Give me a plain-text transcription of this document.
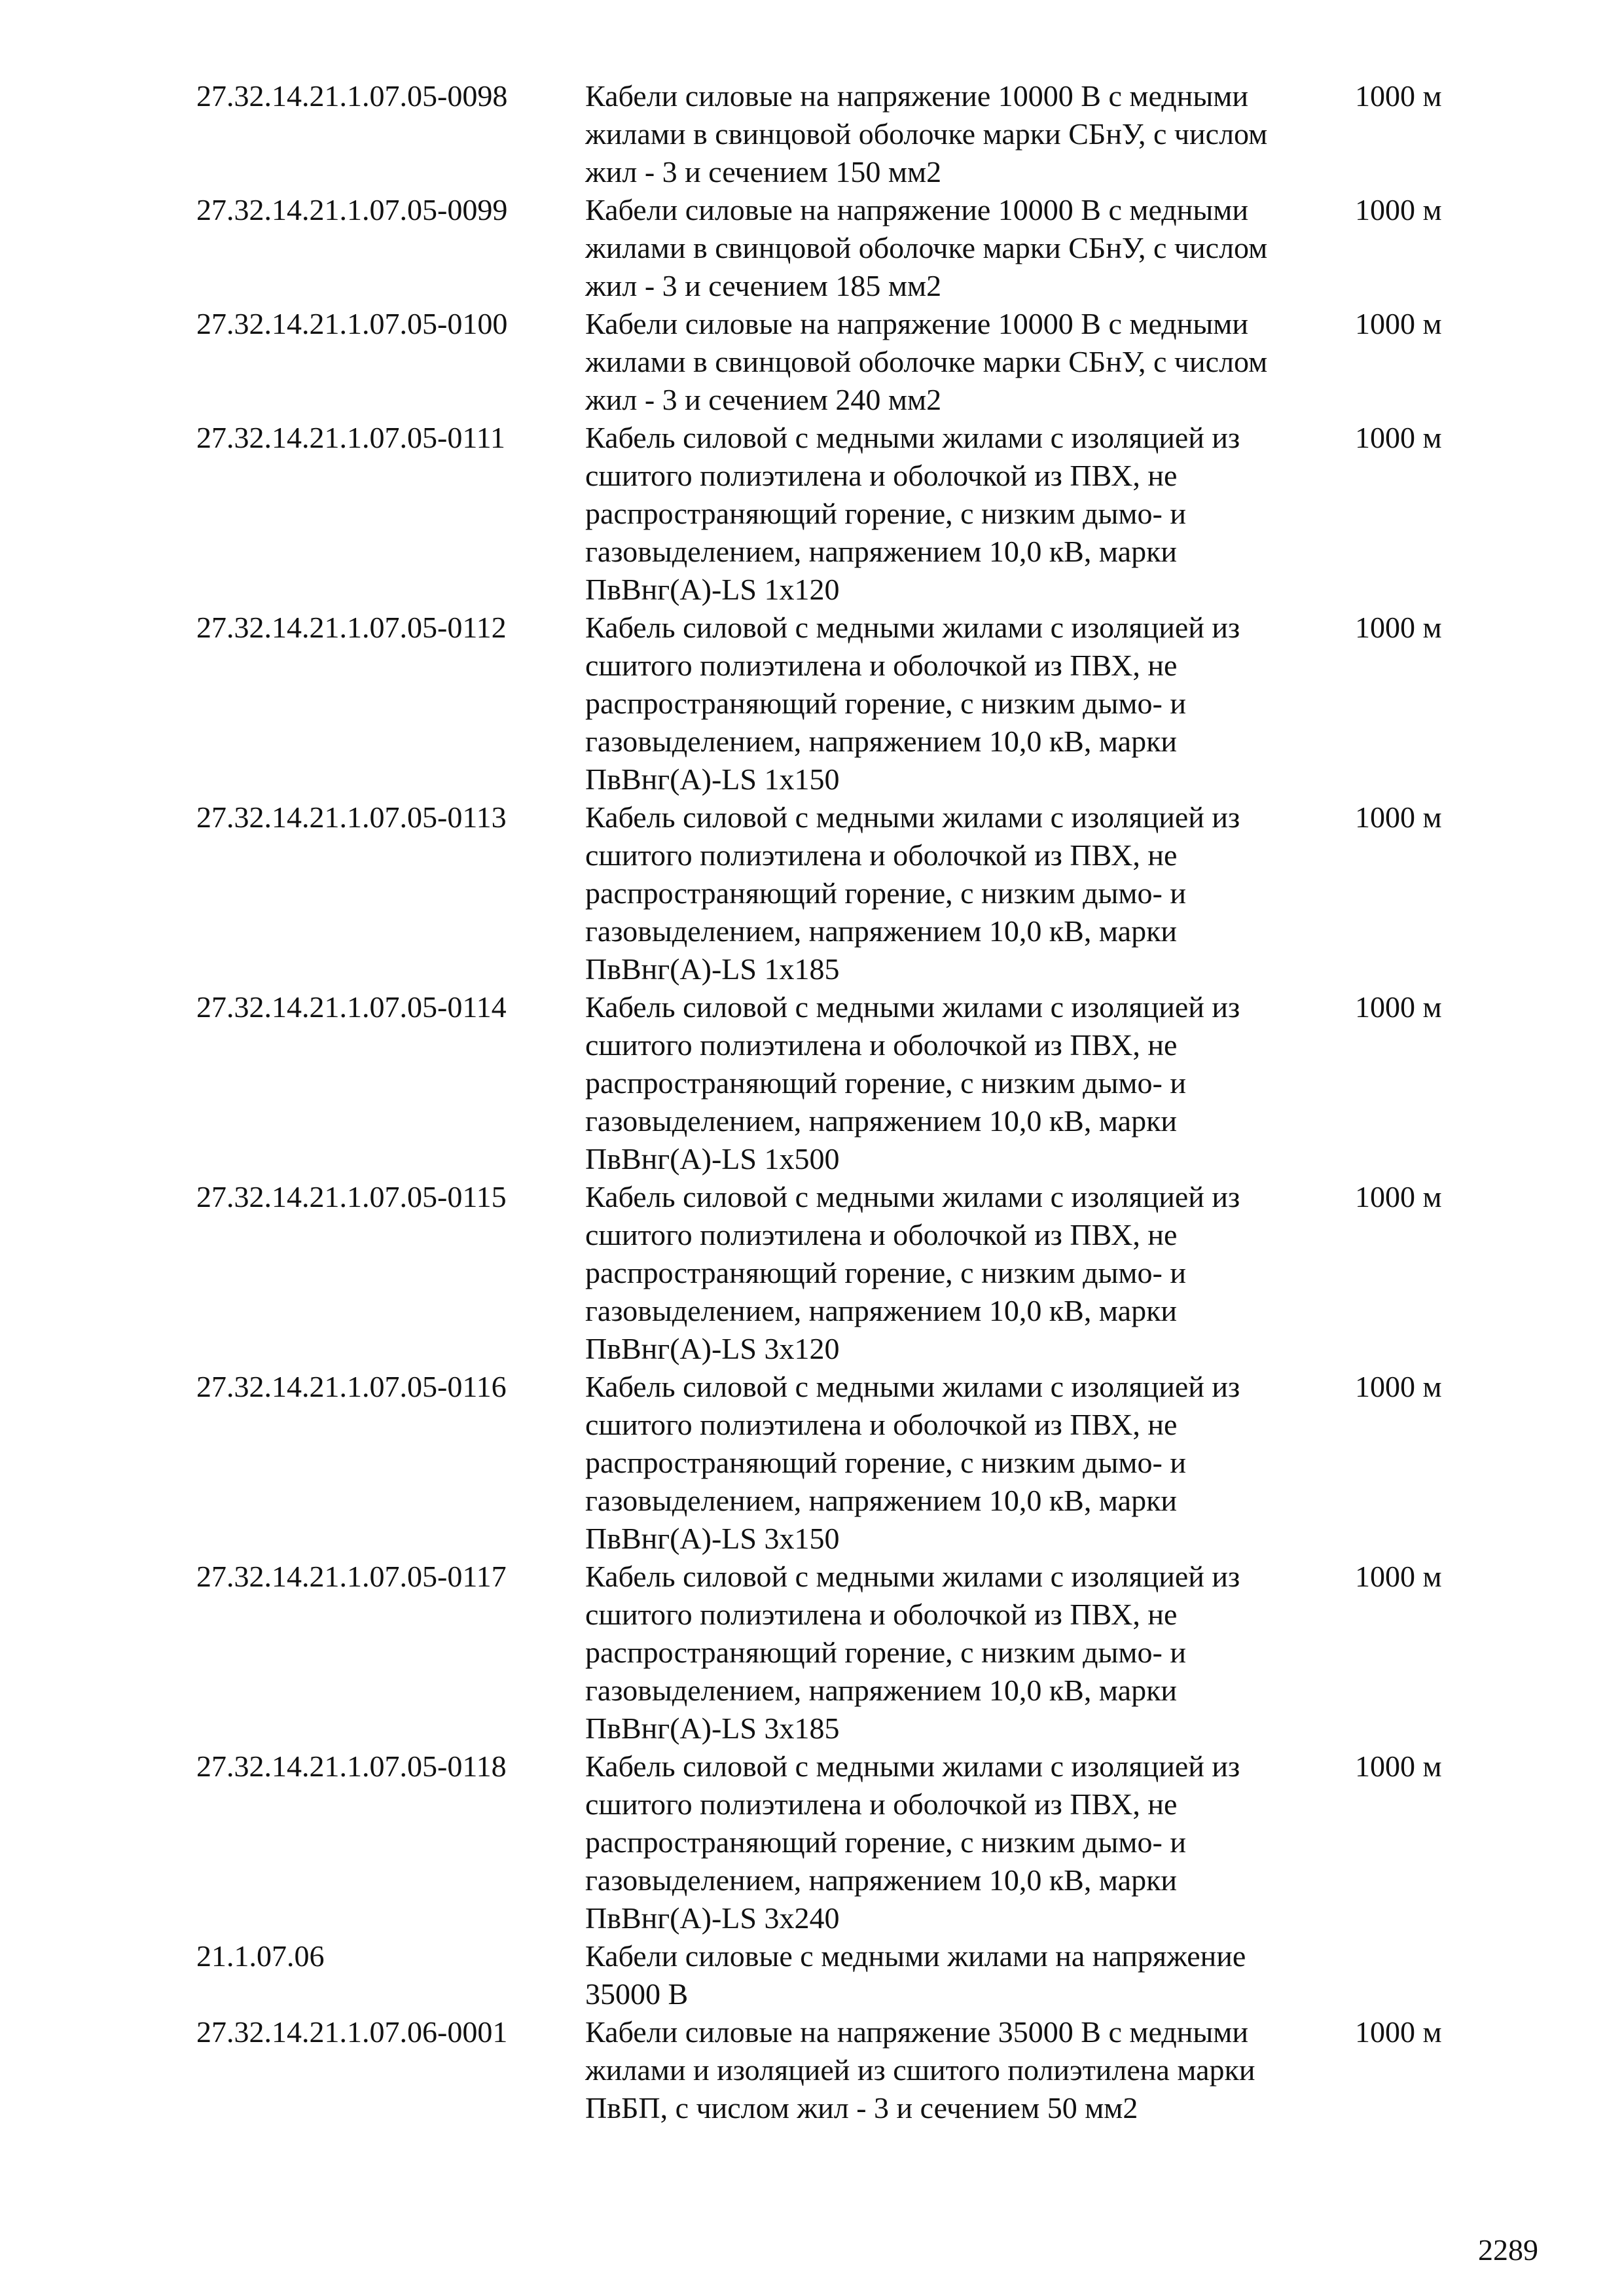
27.32.14.21.1.07.05-0098	Кабели силовые на напряжение 10000 В с медными
жилами в свинцовой оболочке марки СБнУ, с числом
жил - 3 и сечением 150 мм2
1000 м
27.32.14.21.1.07.05-0099	Кабели силовые на напряжение 10000 В с медными
жилами в свинцовой оболочке марки СБнУ, с числом
жил - 3 и сечением 185 мм2
1000 м
27.32.14.21.1.07.05-0100	Кабели силовые на напряжение 10000 В с медными
жилами в свинцовой оболочке марки СБнУ, с числом
жил - 3 и сечением 240 мм2
1000 м
27.32.14.21.1.07.05-0111	Кабель силовой с медными жилами с изоляцией из
сшитого полиэтилена и оболочкой из ПВХ, не
распространяющий горение, с низким дымо- и
газовыделением, напряжением 10,0 кВ, марки
ПвВнг(А)-LS 1x120
1000 м
27.32.14.21.1.07.05-0112	Кабель силовой с медными жилами с изоляцией из
сшитого полиэтилена и оболочкой из ПВХ, не
распространяющий горение, с низким дымо- и
газовыделением, напряжением 10,0 кВ, марки
ПвВнг(А)-LS 1x150
1000 м
27.32.14.21.1.07.05-0113	Кабель силовой с медными жилами с изоляцией из
сшитого полиэтилена и оболочкой из ПВХ, не
распространяющий горение, с низким дымо- и
газовыделением, напряжением 10,0 кВ, марки
ПвВнг(А)-LS 1x185
1000 м
27.32.14.21.1.07.05-0114	Кабель силовой с медными жилами с изоляцией из
сшитого полиэтилена и оболочкой из ПВХ, не
распространяющий горение, с низким дымо- и
газовыделением, напряжением 10,0 кВ, марки
ПвВнг(А)-LS 1x500
1000 м
27.32.14.21.1.07.05-0115	Кабель силовой с медными жилами с изоляцией из
сшитого полиэтилена и оболочкой из ПВХ, не
распространяющий горение, с низким дымо- и
газовыделением, напряжением 10,0 кВ, марки
ПвВнг(А)-LS 3x120
1000 м
27.32.14.21.1.07.05-0116	Кабель силовой с медными жилами с изоляцией из
сшитого полиэтилена и оболочкой из ПВХ, не
распространяющий горение, с низким дымо- и
газовыделением, напряжением 10,0 кВ, марки
ПвВнг(А)-LS 3x150
1000 м
27.32.14.21.1.07.05-0117	Кабель силовой с медными жилами с изоляцией из
сшитого полиэтилена и оболочкой из ПВХ, не
распространяющий горение, с низким дымо- и
газовыделением, напряжением 10,0 кВ, марки
ПвВнг(А)-LS 3x185
1000 м
27.32.14.21.1.07.05-0118	Кабель силовой с медными жилами с изоляцией из
сшитого полиэтилена и оболочкой из ПВХ, не
распространяющий горение, с низким дымо- и
газовыделением, напряжением 10,0 кВ, марки
ПвВнг(А)-LS 3x240
1000 м
21.1.07.06	Кабели силовые с медными жилами на напряжение
35000 В
27.32.14.21.1.07.06-0001	Кабели силовые на напряжение 35000 В с медными
жилами и изоляцией из сшитого полиэтилена марки
ПвБП, с числом жил - 3 и сечением 50 мм2
1000 м
2289
